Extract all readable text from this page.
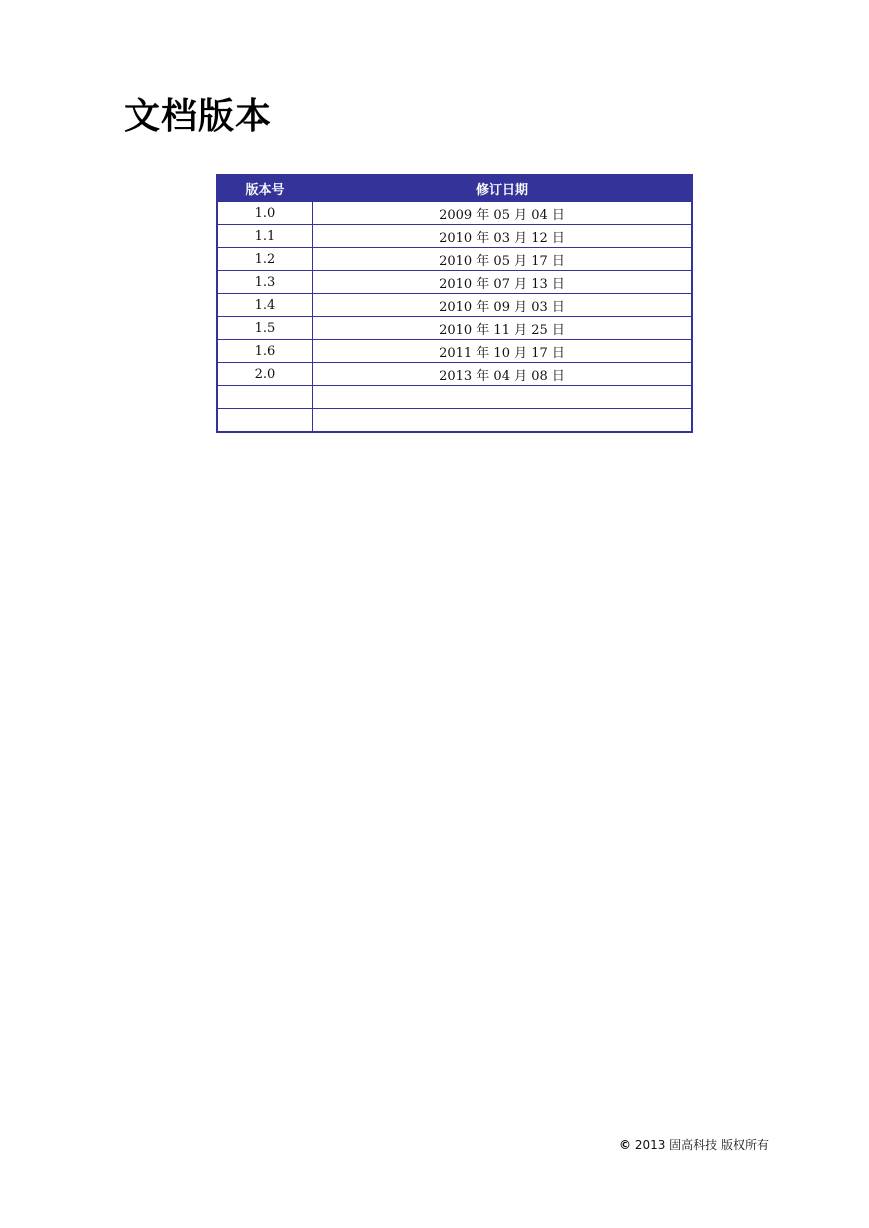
文档版本
版本号	修订日期
1.0	2009 年 05 月 04 日
1.1	2010 年 03 月 12 日
1.2	2010 年 05 月 17 日
1.3	2010 年 07 月 13 日
1.4	2010 年 09 月 03 日
1.5	2010 年 11 月 25 日
1.6	2011 年 10 月 17 日
2.0	2013 年 04 月 08 日

© 2013 固高科技 版权所有
